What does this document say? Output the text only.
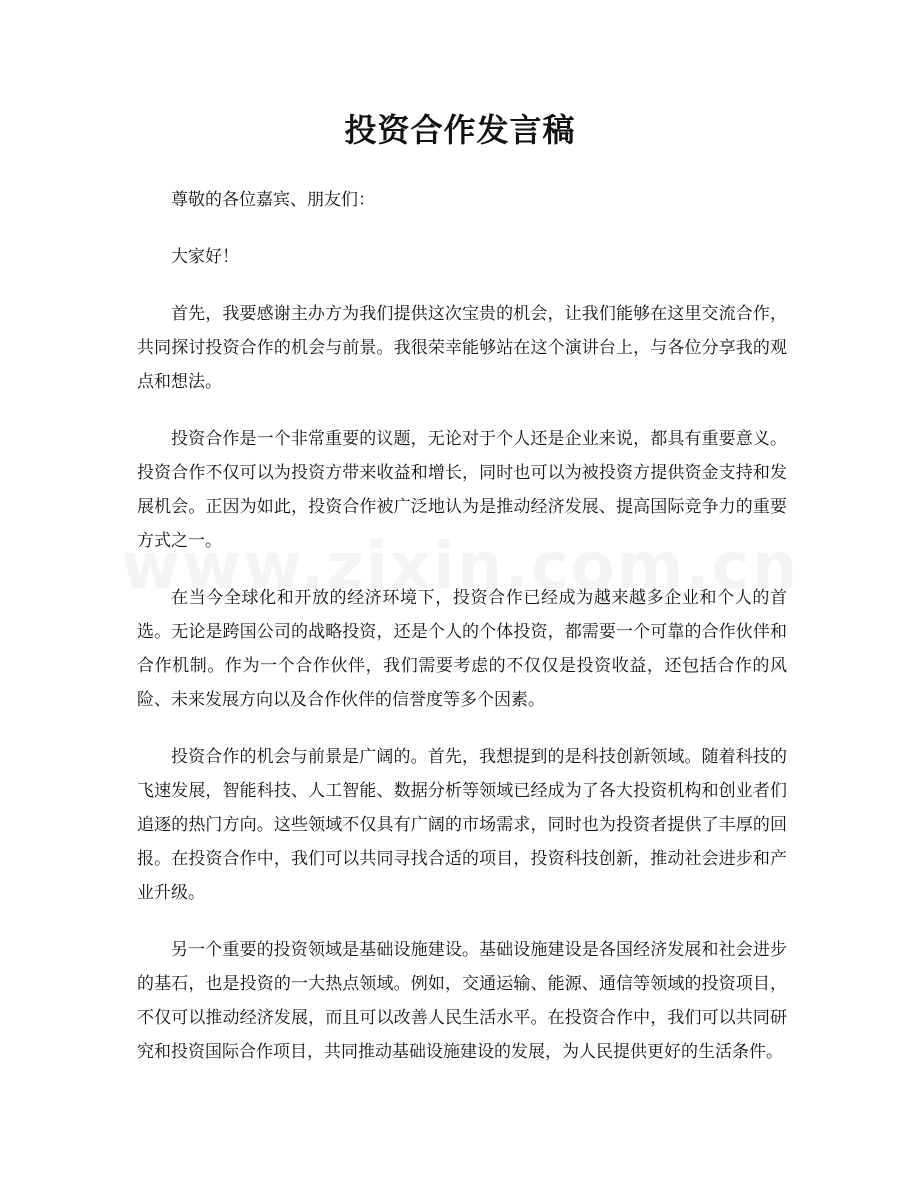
投资合作发言稿

尊敬的各位嘉宾、朋友们：

大家好！

首先，我要感谢主办方为我们提供这次宝贵的机会，让我们能够在这里交流合作，共同探讨投资合作的机会与前景。我很荣幸能够站在这个演讲台上，与各位分享我的观点和想法。

投资合作是一个非常重要的议题，无论对于个人还是企业来说，都具有重要意义。投资合作不仅可以为投资方带来收益和增长，同时也可以为被投资方提供资金支持和发展机会。正因为如此，投资合作被广泛地认为是推动经济发展、提高国际竞争力的重要方式之一。

在当今全球化和开放的经济环境下，投资合作已经成为越来越多企业和个人的首选。无论是跨国公司的战略投资，还是个人的个体投资，都需要一个可靠的合作伙伴和合作机制。作为一个合作伙伴，我们需要考虑的不仅仅是投资收益，还包括合作的风险、未来发展方向以及合作伙伴的信誉度等多个因素。

投资合作的机会与前景是广阔的。首先，我想提到的是科技创新领域。随着科技的飞速发展，智能科技、人工智能、数据分析等领域已经成为了各大投资机构和创业者们追逐的热门方向。这些领域不仅具有广阔的市场需求，同时也为投资者提供了丰厚的回报。在投资合作中，我们可以共同寻找合适的项目，投资科技创新，推动社会进步和产业升级。

另一个重要的投资领域是基础设施建设。基础设施建设是各国经济发展和社会进步的基石，也是投资的一大热点领域。例如，交通运输、能源、通信等领域的投资项目，不仅可以推动经济发展，而且可以改善人民生活水平。在投资合作中，我们可以共同研究和投资国际合作项目，共同推动基础设施建设的发展，为人民提供更好的生活条件。
